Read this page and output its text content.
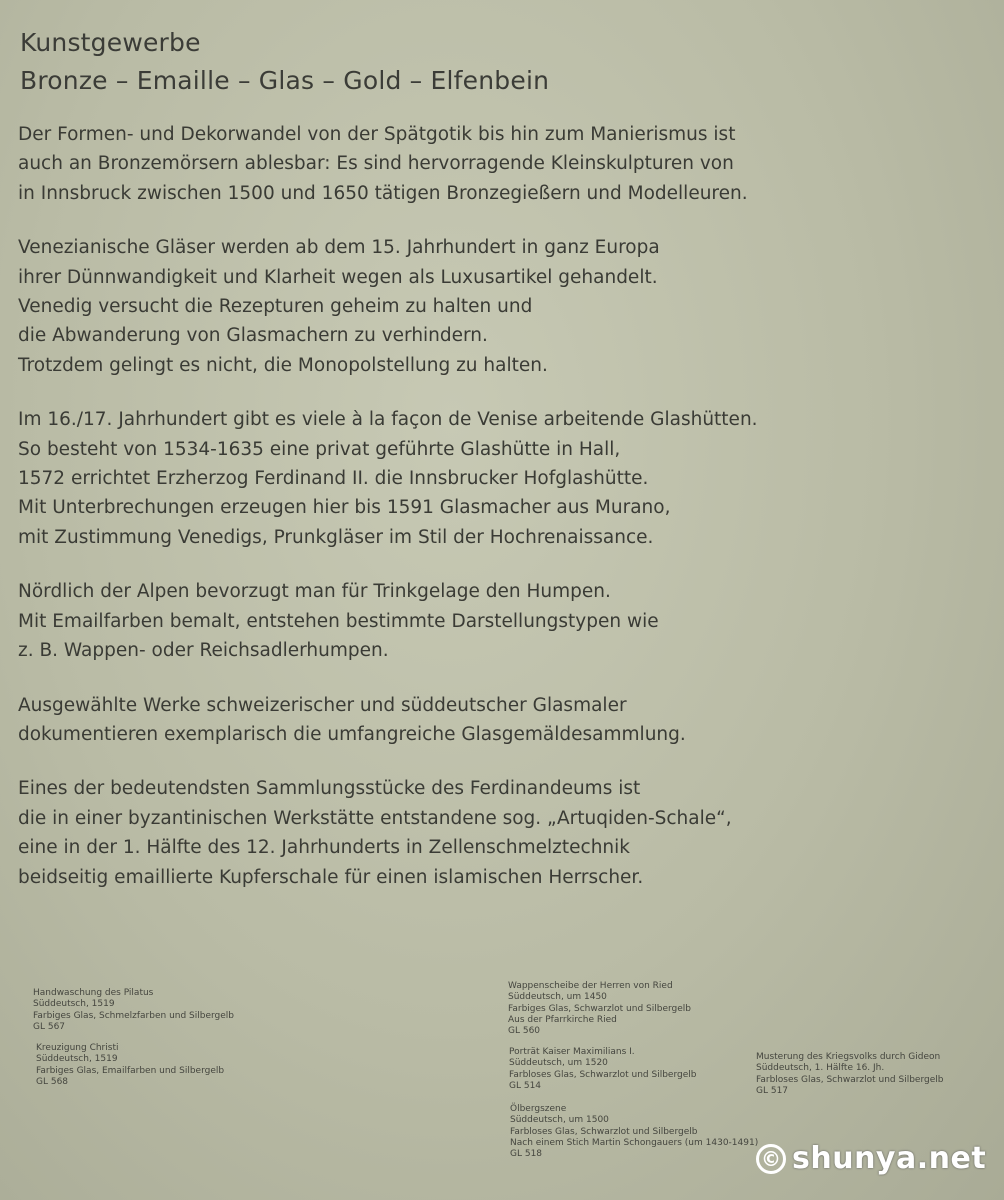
Kunstgewerbe
Bronze – Emaille – Glas – Gold – Elfenbein
Der Formen- und Dekorwandel von der Spätgotik bis hin zum Manierismus ist
auch an Bronzemörsern ablesbar: Es sind hervorragende Kleinskulpturen von
in Innsbruck zwischen 1500 und 1650 tätigen Bronzegießern und Modelleuren.
Venezianische Gläser werden ab dem 15. Jahrhundert in ganz Europa
ihrer Dünnwandigkeit und Klarheit wegen als Luxusartikel gehandelt.
Venedig versucht die Rezepturen geheim zu halten und
die Abwanderung von Glasmachern zu verhindern.
Trotzdem gelingt es nicht, die Monopolstellung zu halten.
Im 16./17. Jahrhundert gibt es viele à la façon de Venise arbeitende Glashütten.
So besteht von 1534-1635 eine privat geführte Glashütte in Hall,
1572 errichtet Erzherzog Ferdinand II. die Innsbrucker Hofglashütte.
Mit Unterbrechungen erzeugen hier bis 1591 Glasmacher aus Murano,
mit Zustimmung Venedigs, Prunkgläser im Stil der Hochrenaissance.
Nördlich der Alpen bevorzugt man für Trinkgelage den Humpen.
Mit Emailfarben bemalt, entstehen bestimmte Darstellungstypen wie
z. B. Wappen- oder Reichsadlerhumpen.
Ausgewählte Werke schweizerischer und süddeutscher Glasmaler
dokumentieren exemplarisch die umfangreiche Glasgemäldesammlung.
Eines der bedeutendsten Sammlungsstücke des Ferdinandeums ist
die in einer byzantinischen Werkstätte entstandene sog. „Artuqiden-Schale“,
eine in der 1. Hälfte des 12. Jahrhunderts in Zellenschmelztechnik
beidseitig emaillierte Kupferschale für einen islamischen Herrscher.
Handwaschung des Pilatus
Süddeutsch, 1519
Farbiges Glas, Schmelzfarben und Silbergelb
GL 567
Kreuzigung Christi
Süddeutsch, 1519
Farbiges Glas, Emailfarben und Silbergelb
GL 568
Wappenscheibe der Herren von Ried
Süddeutsch, um 1450
Farbiges Glas, Schwarzlot und Silbergelb
Aus der Pfarrkirche Ried
GL 560
Porträt Kaiser Maximilians I.
Süddeutsch, um 1520
Farbloses Glas, Schwarzlot und Silbergelb
GL 514
Ölbergszene
Süddeutsch, um 1500
Farbloses Glas, Schwarzlot und Silbergelb
Nach einem Stich Martin Schongauers (um 1430-1491)
GL 518
Musterung des Kriegsvolks durch Gideon
Süddeutsch, 1. Hälfte 16. Jh.
Farbloses Glas, Schwarzlot und Silbergelb
GL 517
© shunya.net
